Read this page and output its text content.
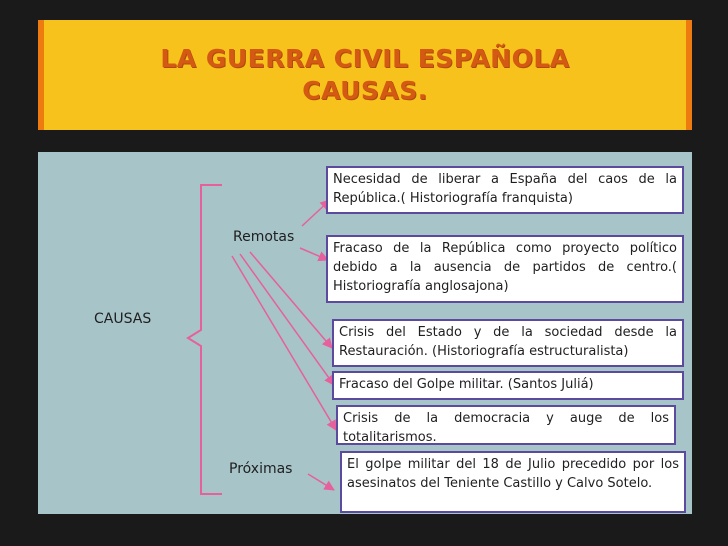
LA GUERRA CIVIL ESPAÑOLA
CAUSAS.
CAUSAS
Remotas
Próximas
Necesidad de liberar a España del caos de la República.( Historiografía franquista)
Fracaso de la República como proyecto político debido a la ausencia de partidos de centro.( Historiografía anglosajona)
Crisis del Estado y de la sociedad desde la Restauración. (Historiografía estructuralista)
Fracaso del Golpe militar. (Santos Juliá)
Crisis de la democracia y auge de los totalitarismos.
El golpe militar del 18 de Julio precedido por los asesinatos del Teniente Castillo y Calvo Sotelo.
